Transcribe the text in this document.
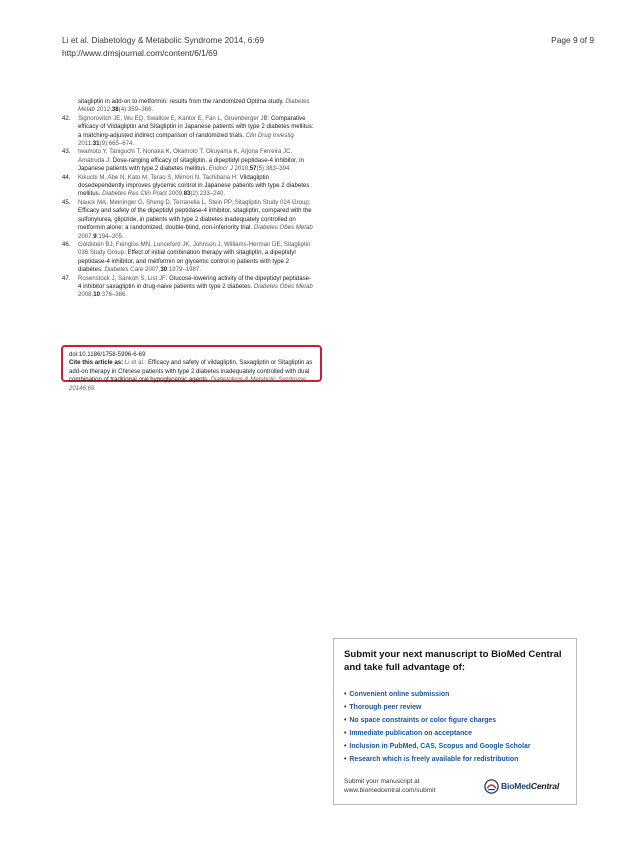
Li et al. Diabetology & Metabolic Syndrome 2014, 6:69
http://www.dmsjournal.com/content/6/1/69
Page 9 of 9

sitagliptin in add-on to metformin: results from the randomized Optima study. Diabetes Metab 2012,38(4):359–366.

42. Signorovitch JE, Wu EQ, Swallow E, Kantor E, Fan L, Gruenberger JB: Comparative efficacy of Vildagliptin and Sitagliptin in Japanese patients with type 2 diabetes mellitus: a matching-adjusted indirect comparison of randomized trials. Clin Drug Investig 2011,31(9):665–674.

43. Iwamoto Y, Taniguchi T, Nonaka K, Okamoto T, Okuyama K, Arjona Ferreira JC, Amatruda J: Dose-ranging efficacy of sitagliptin, a dipeptidyl peptidase-4 inhibitor, in Japanese patients with type 2 diabetes mellitus. Endocr J 2010,57(5):383–394.

44. Kikuchi M, Abe N, Kato M, Terao S, Mimori N, Tachibana H: Vildagliptin dosedependently improves glycemic control in Japanese patients with type 2 diabetes mellitus. Diabetes Res Clin Pract 2009,83(2):233–240.

45. Nauck MA, Meininger G, Sheng D, Terranella L, Stein PP, Sitagliptin Study 024 Group: Efficacy and safety of the dipeptidyl peptidase-4 inhibitor, sitagliptin, compared with the sulfonylurea, glipizide, in patients with type 2 diabetes inadequately controlled on metformin alone: a randomized, double-blind, non-inferiority trial. Diabetes Obes Metab 2007,9:194–205.

46. Goldstein BJ, Feinglos MN, Lunceford JK, Johnson J, Williams-Herman DE, Sitagliptin 036 Study Group: Effect of initial combination therapy with sitagliptin, a dipeptidyl peptidase-4 inhibitor, and metformin on glycemic control in patients with type 2 diabetes. Diabetes Care 2007,30:1979–1987.

47. Rosenstock J, Sankoh S, List JF: Glucose-lowering activity of the dipeptidyl peptidase-4 inhibitor saxagliptin in drug-naive patients with type 2 diabetes. Diabetes Obes Metab 2008,10:376–386.

doi:10.1186/1758-5996-6-69
Cite this article as: Li et al.: Efficacy and safety of vildagliptin, Saxagliptin or Sitagliptin as add-on therapy in Chinese patients with type 2 diabetes inadequately controlled with dual combination of traditional oral hypoglycemic agents. Diabetology & Metabolic Syndrome 20146:69.
Submit your next manuscript to BioMed Central and take full advantage of:
• Convenient online submission
• Thorough peer review
• No space constraints or color figure charges
• Immediate publication on acceptance
• Inclusion in PubMed, CAS, Scopus and Google Scholar
• Research which is freely available for redistribution
Submit your manuscript at
www.biomedcentral.com/submit	BioMedCentral
